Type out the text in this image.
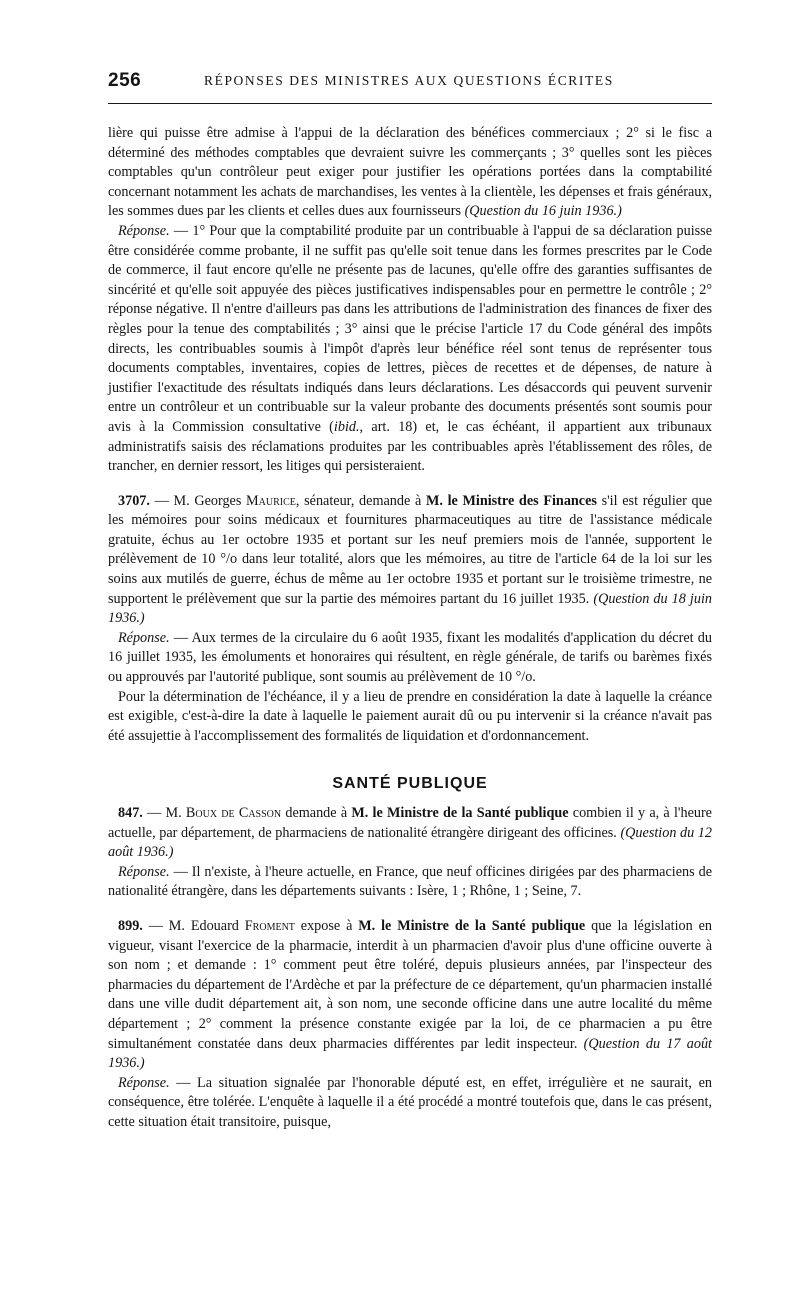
256	RÉPONSES DES MINISTRES AUX QUESTIONS ÉCRITES

lière qui puisse être admise à l'appui de la déclaration des bénéfices commerciaux ; 2° si le fisc a déterminé des méthodes comptables que devraient suivre les commerçants ; 3° quelles sont les pièces comptables qu'un contrôleur peut exiger pour justifier les opérations portées dans la comptabilité concernant notamment les achats de marchandises, les ventes à la clientèle, les dépenses et frais généraux, les sommes dues par les clients et celles dues aux fournisseurs (Question du 16 juin 1936.)

Réponse. — 1° Pour que la comptabilité produite par un contribuable à l'appui de sa déclaration puisse être considérée comme probante, il ne suffit pas qu'elle soit tenue dans les formes prescrites par le Code de commerce, il faut encore qu'elle ne présente pas de lacunes, qu'elle offre des garanties suffisantes de sincérité et qu'elle soit appuyée des pièces justificatives indispensables pour en permettre le contrôle ; 2° réponse négative. Il n'entre d'ailleurs pas dans les attributions de l'administration des finances de fixer des règles pour la tenue des comptabilités ; 3° ainsi que le précise l'article 17 du Code général des impôts directs, les contribuables soumis à l'impôt d'après leur bénéfice réel sont tenus de représenter tous documents comptables, inventaires, copies de lettres, pièces de recettes et de dépenses, de nature à justifier l'exactitude des résultats indiqués dans leurs déclarations. Les désaccords qui peuvent survenir entre un contrôleur et un contribuable sur la valeur probante des documents présentés sont soumis pour avis à la Commission consultative (ibid., art. 18) et, le cas échéant, il appartient aux tribunaux administratifs saisis des réclamations produites par les contribuables après l'établissement des rôles, de trancher, en dernier ressort, les litiges qui persisteraient.

3707. — M. Georges Maurice, sénateur, demande à M. le Ministre des Finances s'il est régulier que les mémoires pour soins médicaux et fournitures pharmaceutiques au titre de l'assistance médicale gratuite, échus au 1er octobre 1935 et portant sur les neuf premiers mois de l'année, supportent le prélèvement de 10 °/o dans leur totalité, alors que les mémoires, au titre de l'article 64 de la loi sur les soins aux mutilés de guerre, échus de même au 1er octobre 1935 et portant sur le troisième trimestre, ne supportent le prélèvement que sur la partie des mémoires partant du 16 juillet 1935. (Question du 18 juin 1936.)

Réponse. — Aux termes de la circulaire du 6 août 1935, fixant les modalités d'application du décret du 16 juillet 1935, les émoluments et honoraires qui résultent, en règle générale, de tarifs ou barèmes fixés ou approuvés par l'autorité publique, sont soumis au prélèvement de 10 °/o.

Pour la détermination de l'échéance, il y a lieu de prendre en considération la date à laquelle la créance est exigible, c'est-à-dire la date à laquelle le paiement aurait dû ou pu intervenir si la créance n'avait pas été assujettie à l'accomplissement des formalités de liquidation et d'ordonnancement.

SANTÉ PUBLIQUE

847. — M. Boux de Casson demande à M. le Ministre de la Santé publique combien il y a, à l'heure actuelle, par département, de pharmaciens de nationalité étrangère dirigeant des officines. (Question du 12 août 1936.)

Réponse. — Il n'existe, à l'heure actuelle, en France, que neuf officines dirigées par des pharmaciens de nationalité étrangère, dans les départements suivants : Isère, 1 ; Rhône, 1 ; Seine, 7.

899. — M. Edouard Froment expose à M. le Ministre de la Santé publique que la législation en vigueur, visant l'exercice de la pharmacie, interdit à un pharmacien d'avoir plus d'une officine ouverte à son nom ; et demande : 1° comment peut être toléré, depuis plusieurs années, par l'inspecteur des pharmacies du département de l'Ardèche et par la préfecture de ce département, qu'un pharmacien installé dans une ville dudit département ait, à son nom, une seconde officine dans une autre localité du même département ; 2° comment la présence constante exigée par la loi, de ce pharmacien a pu être simultanément constatée dans deux pharmacies différentes par ledit inspecteur. (Question du 17 août 1936.)

Réponse. — La situation signalée par l'honorable député est, en effet, irrégulière et ne saurait, en conséquence, être tolérée. L'enquête à laquelle il a été procédé a montré toutefois que, dans le cas présent, cette situation était transitoire, puisque,
